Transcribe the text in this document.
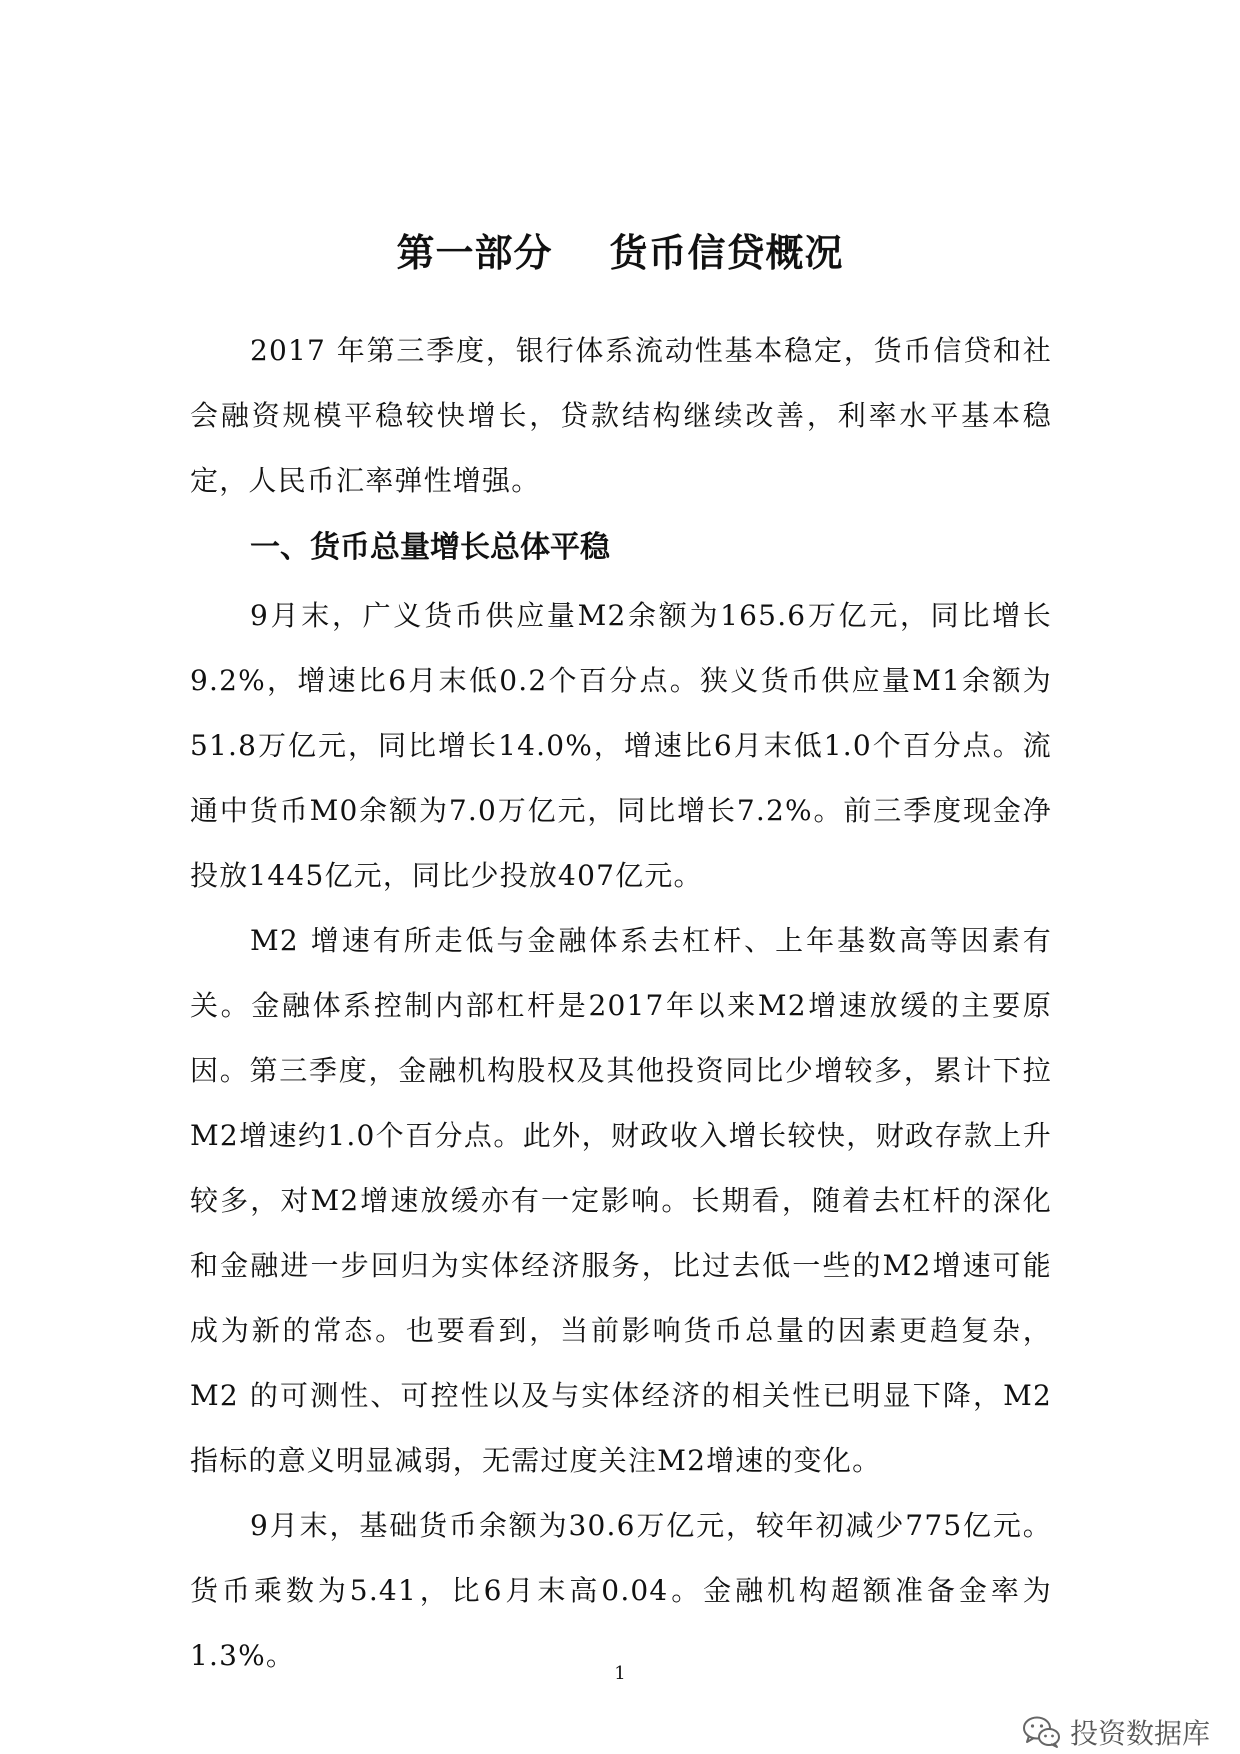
第一部分    货币信贷概况

2017 年第三季度，银行体系流动性基本稳定，货币信贷和社会融资规模平稳较快增长，贷款结构继续改善，利率水平基本稳定，人民币汇率弹性增强。

一、货币总量增长总体平稳

9月末，广义货币供应量M2余额为165.6万亿元，同比增长9.2%，增速比6月末低0.2个百分点。狭义货币供应量M1余额为51.8万亿元，同比增长14.0%，增速比6月末低1.0个百分点。流通中货币M0余额为7.0万亿元，同比增长7.2%。前三季度现金净投放1445亿元，同比少投放407亿元。

M2 增速有所走低与金融体系去杠杆、上年基数高等因素有关。金融体系控制内部杠杆是2017年以来M2增速放缓的主要原因。第三季度，金融机构股权及其他投资同比少增较多，累计下拉M2增速约1.0个百分点。此外，财政收入增长较快，财政存款上升较多，对M2增速放缓亦有一定影响。长期看，随着去杠杆的深化和金融进一步回归为实体经济服务，比过去低一些的M2增速可能成为新的常态。也要看到，当前影响货币总量的因素更趋复杂，M2 的可测性、可控性以及与实体经济的相关性已明显下降，M2 指标的意义明显减弱，无需过度关注M2增速的变化。

9月末，基础货币余额为30.6万亿元，较年初减少775亿元。货币乘数为5.41，比6月末高0.04。金融机构超额准备金率为1.3%。

1
投资数据库
